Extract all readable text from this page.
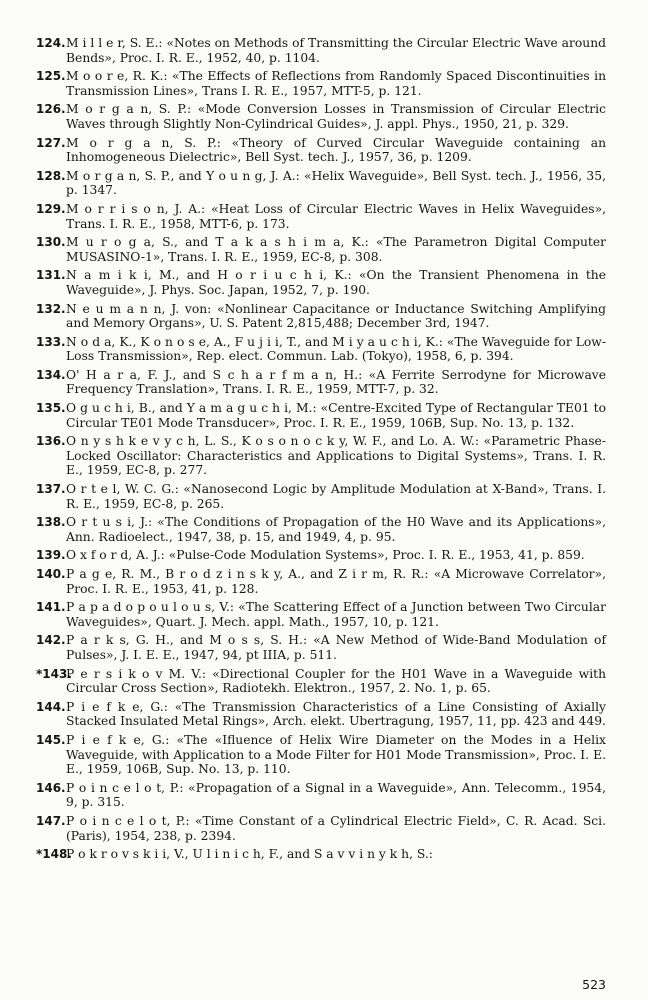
124. M i l l e r, S. E.: «Notes on Methods of Transmitting the Circular Electric Wave around Bends», Proc. I. R. E., 1952, 40, p. 1104.
125. M o o r e, R. K.: «The Effects of Reflections from Randomly Spaced Discontinuities in Transmission Lines», Trans I. R. E., 1957, MTT-5, p. 121.
126. M o r g a n, S. P.: «Mode Conversion Losses in Transmission of Circular Electric Waves through Slightly Non-Cylindrical Guides», J. appl. Phys., 1950, 21, p. 329.
127. M o r g a n, S. P.: «Theory of Curved Circular Waveguide containing an Inhomogeneous Dielectric», Bell Syst. tech. J., 1957, 36, p. 1209.
128. M o r g a n, S. P., and Y o u n g, J. A.: «Helix Waveguide», Bell Syst. tech. J., 1956, 35, p. 1347.
129. M o r r i s o n, J. A.: «Heat Loss of Circular Electric Waves in Helix Waveguides», Trans. I. R. E., 1958, MTT-6, p. 173.
130. M u r o g a, S., and T a k a s h i m a, K.: «The Parametron Digital Computer MUSASINO-1», Trans. I. R. E., 1959, EC-8, p. 308.
131. N a m i k i, M., and H o r i u c h i, K.: «On the Transient Phenomena in the Waveguide», J. Phys. Soc. Japan, 1952, 7, p. 190.
132. N e u m a n n, J. von: «Nonlinear Capacitance or Inductance Switching Amplifying and Memory Organs», U. S. Patent 2,815,488; December 3rd, 1947.
133. N o d a, K., K o n o s e, A., F u j i i, T., and M i y a u c h i, K.: «The Waveguide for Low-Loss Transmission», Rep. elect. Commun. Lab. (Tokyo), 1958, 6, p. 394.
134. O' H a r a, F. J., and S c h a r f m a n, H.: «A Ferrite Serrodyne for Microwave Frequency Translation», Trans. I. R. E., 1959, MTT-7, p. 32.
135. O g u c h i, B., and Y a m a g u c h i, M.: «Centre-Excited Type of Rectangular TE01 to Circular TE01 Mode Transducer», Proc. I. R. E., 1959, 106B, Sup. No. 13, p. 132.
136. O n y s h k e v y c h, L. S., K o s o n o c k y, W. F., and Lo. A. W.: «Parametric Phase-Locked Oscillator: Characteristics and Applications to Digital Systems», Trans. I. R. E., 1959, EC-8, p. 277.
137. O r t e l, W. C. G.: «Nanosecond Logic by Amplitude Modulation at X-Band», Trans. I. R. E., 1959, EC-8, p. 265.
138. O r t u s i, J.: «The Conditions of Propagation of the H0 Wave and its Applications», Ann. Radioelect., 1947, 38, p. 15, and 1949, 4, p. 95.
139. O x f o r d, A. J.: «Pulse-Code Modulation Systems», Proc. I. R. E., 1953, 41, p. 859.
140. P a g e, R. M., B r o d z i n s k y, A., and Z i r m, R. R.: «A Microwave Correlator», Proc. I. R. E., 1953, 41, p. 128.
141. P a p a d o p o u l o u s, V.: «The Scattering Effect of a Junction between Two Circular Waveguides», Quart. J. Mech. appl. Math., 1957, 10, p. 121.
142. P a r k s, G. H., and M o s s, S. H.: «A New Method of Wide-Band Modulation of Pulses», J. I. E. E., 1947, 94, pt IIIA, p. 511.
*143.
P e r s i k o v M. V.: «Directional Coupler for the H01 Wave in a Waveguide with Circular Cross Section», Radiotekh. Elektron., 1957, 2. No. 1, p. 65.
144. P i e f k e, G.: «The Transmission Characteristics of a Line Consisting of Axially Stacked Insulated Metal Rings», Arch. elekt. Ubertragung, 1957, 11, pp. 423 and 449.
145. P i e f k e, G.: «The «Ifluence of Helix Wire Diameter on the Modes in a Helix Waveguide, with Application to a Mode Filter for H01 Mode Transmission», Proc. I. E. E., 1959, 106B, Sup. No. 13, p. 110.
146. P o i n c e l o t, P.: «Propagation of a Signal in a Waveguide», Ann. Telecomm., 1954, 9, p. 315.
147. P o i n c e l o t, P.: «Time Constant of a Cylindrical Electric Field», C. R. Acad. Sci. (Paris), 1954, 238, p. 2394.
*148.
P o k r o v s k i i, V., U l i n i c h, F., and S a v v i n y k h, S.:
523
